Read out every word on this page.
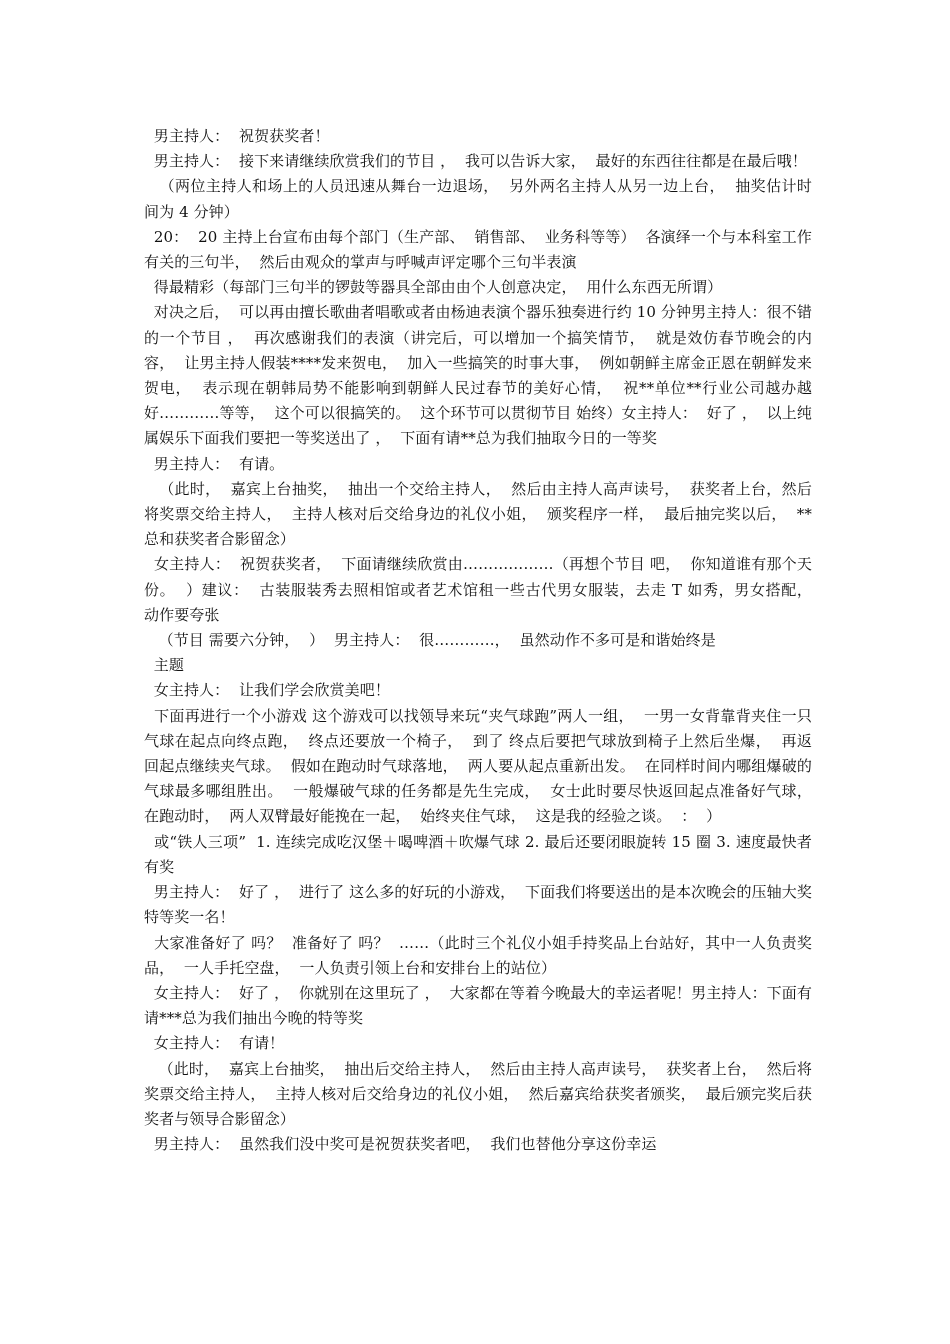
男主持人：  祝贺获奖者！

男主持人：  接下来请继续欣赏我们的节目 ，  我可以告诉大家，  最好的东西往往都是在最后哦！

（两位主持人和场上的人员迅速从舞台一边退场，  另外两名主持人从另一边上台，  抽奖估计时间为 4 分钟）

20：  20 主持上台宣布由每个部门（生产部、  销售部、  业务科等等）  各演绎一个与本科室工作有关的三句半，  然后由观众的掌声与呼喊声评定哪个三句半表演

得最精彩（每部门三句半的锣鼓等器具全部由由个人创意决定，  用什么东西无所谓）

对决之后，  可以再由擅长歌曲者唱歌或者由杨迪表演个器乐独奏进行约 10 分钟男主持人：很不错的一个节目 ，  再次感谢我们的表演（讲完后，可以增加一个搞笑情节，  就是效仿春节晚会的内容，  让男主持人假装****发来贺电，  加入一些搞笑的时事大事，  例如朝鲜主席金正恩在朝鲜发来贺电，  表示现在朝韩局势不能影响到朝鲜人民过春节的美好心情，  祝**单位**行业公司越办越好…………等等，  这个可以很搞笑的。  这个环节可以贯彻节目 始终）女主持人：  好了 ，  以上纯属娱乐下面我们要把一等奖送出了 ，  下面有请**总为我们抽取今日的一等奖

男主持人：  有请。

（此时，  嘉宾上台抽奖，  抽出一个交给主持人，  然后由主持人高声读号，  获奖者上台，然后将奖票交给主持人，  主持人核对后交给身边的礼仪小姐，  颁奖程序一样，  最后抽完奖以后，  **总和获奖者合影留念）

女主持人：  祝贺获奖者，  下面请继续欣赏由………………（再想个节目 吧，  你知道谁有那个天份。  ）建议：  古装服装秀去照相馆或者艺术馆租一些古代男女服装，去走 T 如秀，男女搭配，  动作要夸张

（节目 需要六分钟，  ）  男主持人：  很…………，  虽然动作不多可是和谐始终是

主题

女主持人：  让我们学会欣赏美吧！

下面再进行一个小游戏 这个游戏可以找领导来玩“夹气球跑”两人一组，  一男一女背靠背夹住一只气球在起点向终点跑，  终点还要放一个椅子，  到了 终点后要把气球放到椅子上然后坐爆，  再返回起点继续夹气球。  假如在跑动时气球落地，  两人要从起点重新出发。  在同样时间内哪组爆破的气球最多哪组胜出。  一般爆破气球的任务都是先生完成，  女士此时要尽快返回起点准备好气球，  在跑动时，  两人双臂最好能挽在一起，  始终夹住气球，  这是我的经验之谈。  ：  ）

或“铁人三项”  1. 连续完成吃汉堡＋喝啤酒＋吹爆气球 2. 最后还要闭眼旋转 15 圈 3. 速度最快者有奖

男主持人：  好了 ，  进行了 这么多的好玩的小游戏，  下面我们将要送出的是本次晚会的压轴大奖特等奖一名！

大家准备好了 吗？  准备好了 吗？  ……（此时三个礼仪小姐手持奖品上台站好，其中一人负责奖品，  一人手托空盘，  一人负责引领上台和安排台上的站位）

女主持人：  好了 ，  你就别在这里玩了 ，  大家都在等着今晚最大的幸运者呢！男主持人：下面有请***总为我们抽出今晚的特等奖

女主持人：  有请！

（此时，  嘉宾上台抽奖，  抽出后交给主持人，  然后由主持人高声读号，  获奖者上台，  然后将奖票交给主持人，  主持人核对后交给身边的礼仪小姐，  然后嘉宾给获奖者颁奖，  最后颁完奖后获奖者与领导合影留念）

男主持人：  虽然我们没中奖可是祝贺获奖者吧，  我们也替他分享这份幸运
